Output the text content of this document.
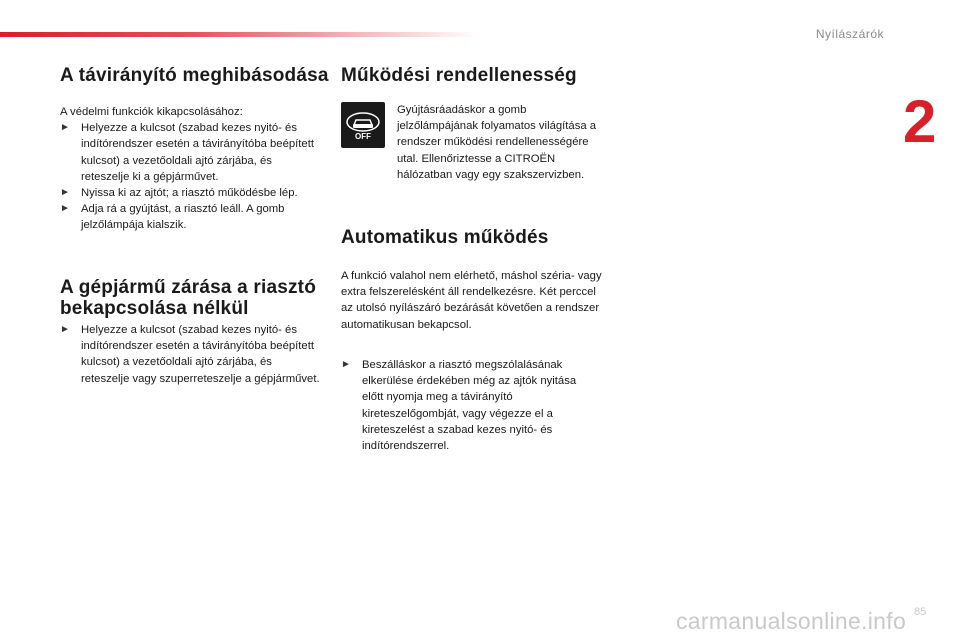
Nyílászárók
2
A távirányító meghibásodása
A védelmi funkciók kikapcsolásához:
► Helyezze a kulcsot (szabad kezes nyitó- és indítórendszer esetén a távirányítóba beépített kulcsot) a vezetőoldali ajtó zárjába, és reteszelje ki a gépjárművet.
► Nyissa ki az ajtót; a riasztó működésbe lép.
► Adja rá a gyújtást, a riasztó leáll. A gomb jelzőlámpája kialszik.
A gépjármű zárása a riasztó
bekapcsolása nélkül
► Helyezze a kulcsot (szabad kezes nyitó- és indítórendszer esetén a távirányítóba beépített kulcsot) a vezetőoldali ajtó zárjába, és reteszelje vagy szuperreteszelje a gépjárművet.
Működési rendellenesség
OFF
Gyújtásráadáskor a gomb jelzőlámpájának folyamatos világítása a rendszer működési rendellenességére utal. Ellenőriztesse a CITROËN hálózatban vagy egy szakszervizben.
Automatikus működés
A funkció valahol nem elérhető, máshol széria- vagy extra felszerelésként áll rendelkezésre. Két perccel az utolsó nyílászáró bezárását követően a rendszer automatikusan bekapcsol.
► Beszálláskor a riasztó megszólalásának elkerülése érdekében még az ajtók nyitása előtt nyomja meg a távirányító kireteszelőgombját, vagy végezze el a kireteszelést a szabad kezes nyitó- és indítórendszerrel.
carmanualsonline.info 85
